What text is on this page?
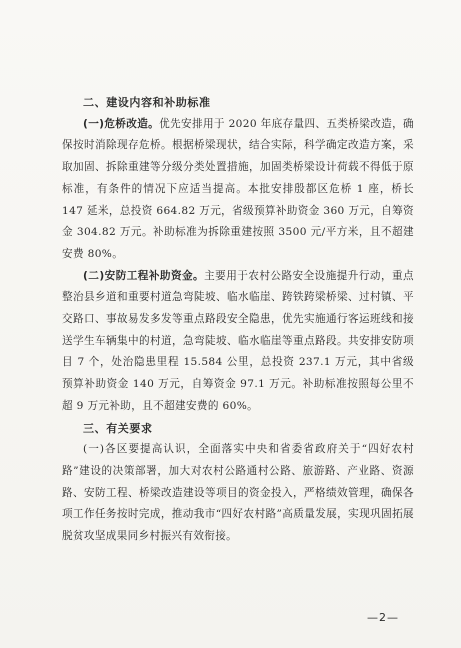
二、建设内容和补助标准

(一)危桥改造。优先安排用于 2020 年底存量四、五类桥梁改造，确保按时消除现存危桥。根据桥梁现状，结合实际，科学确定改造方案，采取加固、拆除重建等分级分类处置措施，加固类桥梁设计荷载不得低于原标准，有条件的情况下应适当提高。本批安排殷都区危桥 1 座，桥长 147 延米，总投资 664.82 万元，省级预算补助资金 360 万元，自筹资金 304.82 万元。补助标准为拆除重建按照 3500 元/平方米，且不超建安费 80%。

(二)安防工程补助资金。主要用于农村公路安全设施提升行动，重点整治县乡道和重要村道急弯陡坡、临水临崖、跨铁跨梁桥梁、过村镇、平交路口、事故易发多发等重点路段安全隐患，优先实施通行客运班线和接送学生车辆集中的村道，急弯陡坡、临水临崖等重点路段。共安排安防项目 7 个，处治隐患里程 15.584 公里，总投资 237.1 万元，其中省级预算补助资金 140 万元，自筹资金 97.1 万元。补助标准按照每公里不超 9 万元补助，且不超建安费的 60%。

三、有关要求

(一)各区要提高认识，全面落实中央和省委省政府关于“四好农村路”建设的决策部署，加大对农村公路通村公路、旅游路、产业路、资源路、安防工程、桥梁改造建设等项目的资金投入，严格绩效管理，确保各项工作任务按时完成，推动我市“四好农村路”高质量发展，实现巩固拓展脱贫攻坚成果同乡村振兴有效衔接。

—2—
